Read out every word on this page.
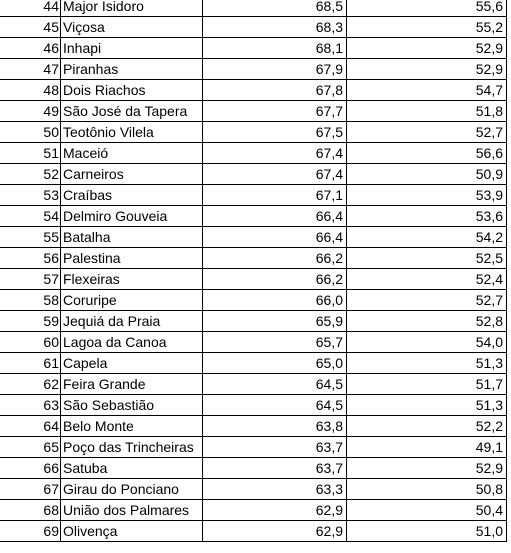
44	Major Isidoro	68,5	55,6
45	Viçosa	68,3	55,2
46	Inhapi	68,1	52,9
47	Piranhas	67,9	52,9
48	Dois Riachos	67,8	54,7
49	São José da Tapera	67,7	51,8
50	Teotônio Vilela	67,5	52,7
51	Maceió	67,4	56,6
52	Carneiros	67,4	50,9
53	Craíbas	67,1	53,9
54	Delmiro Gouveia	66,4	53,6
55	Batalha	66,4	54,2
56	Palestina	66,2	52,5
57	Flexeiras	66,2	52,4
58	Coruripe	66,0	52,7
59	Jequiá da Praia	65,9	52,8
60	Lagoa da Canoa	65,7	54,0
61	Capela	65,0	51,3
62	Feira Grande	64,5	51,7
63	São Sebastião	64,5	51,3
64	Belo Monte	63,8	52,2
65	Poço das Trincheiras	63,7	49,1
66	Satuba	63,7	52,9
67	Girau do Ponciano	63,3	50,8
68	União dos Palmares	62,9	50,4
69	Olivença	62,9	51,0
